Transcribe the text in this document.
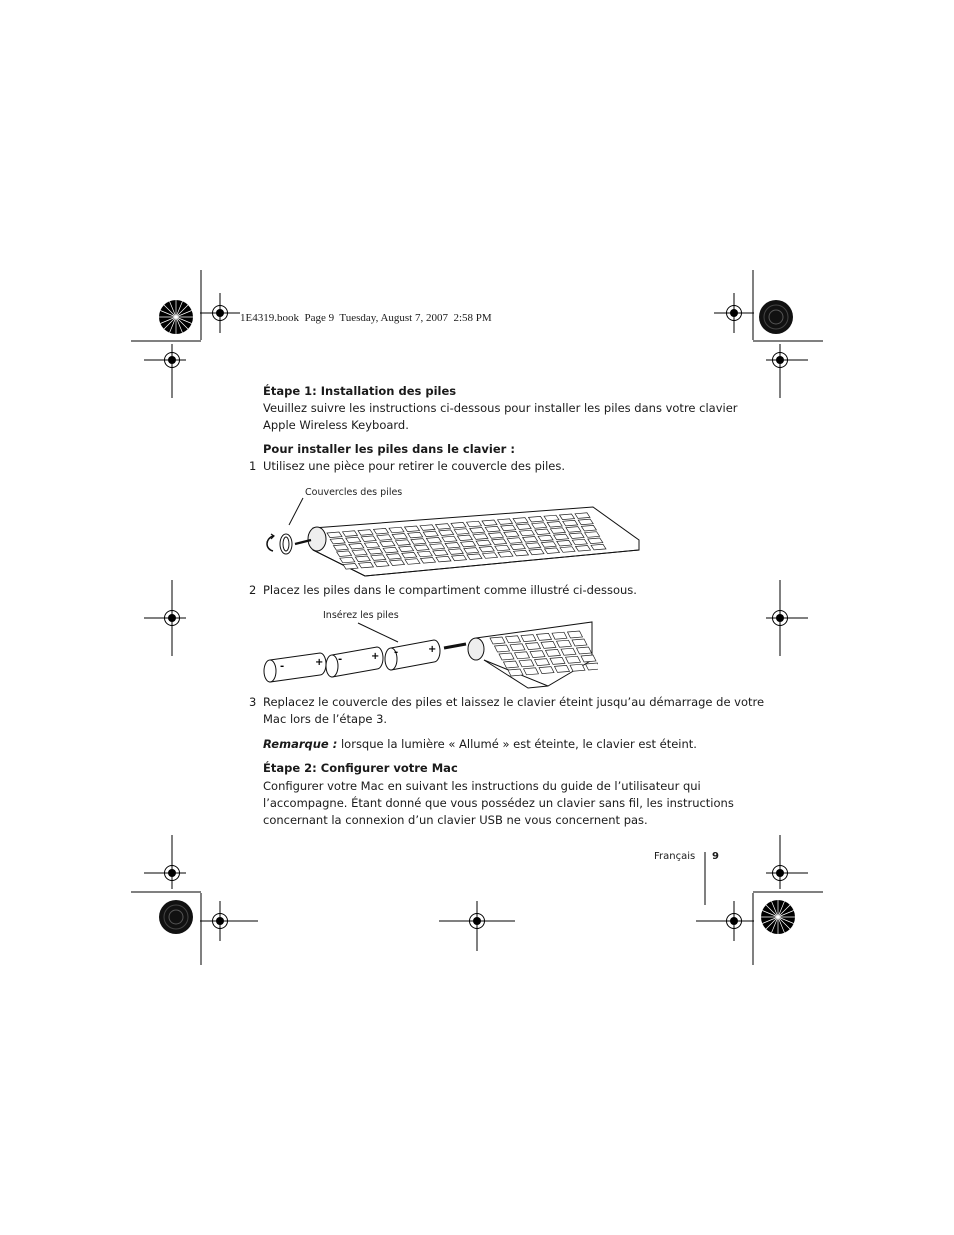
1E4319.book  Page 9  Tuesday, August 7, 2007  2:58 PM
Étape 1: Installation des piles
Veuillez suivre les instructions ci-dessous pour installer les piles dans votre clavier
Apple Wireless Keyboard.
Pour installer les piles dans le clavier :
1 Utilisez une pièce pour retirer le couvercle des piles.
Couvercles des piles
2 Placez les piles dans le compartiment comme illustré ci-dessous.
Insérez les piles
-	+ -	+ -	+
3 Replacez le couvercle des piles et laissez le clavier éteint jusqu’au démarrage de votre
Mac lors de l’étape 3.
Remarque : lorsque la lumière « Allumé » est éteinte, le clavier est éteint.
Étape 2: Configurer votre Mac
Configurer votre Mac en suivant les instructions du guide de l’utilisateur qui
l’accompagne. Étant donné que vous possédez un clavier sans fil, les instructions
concernant la connexion d’un clavier USB ne vous concernent pas.
Français 9
